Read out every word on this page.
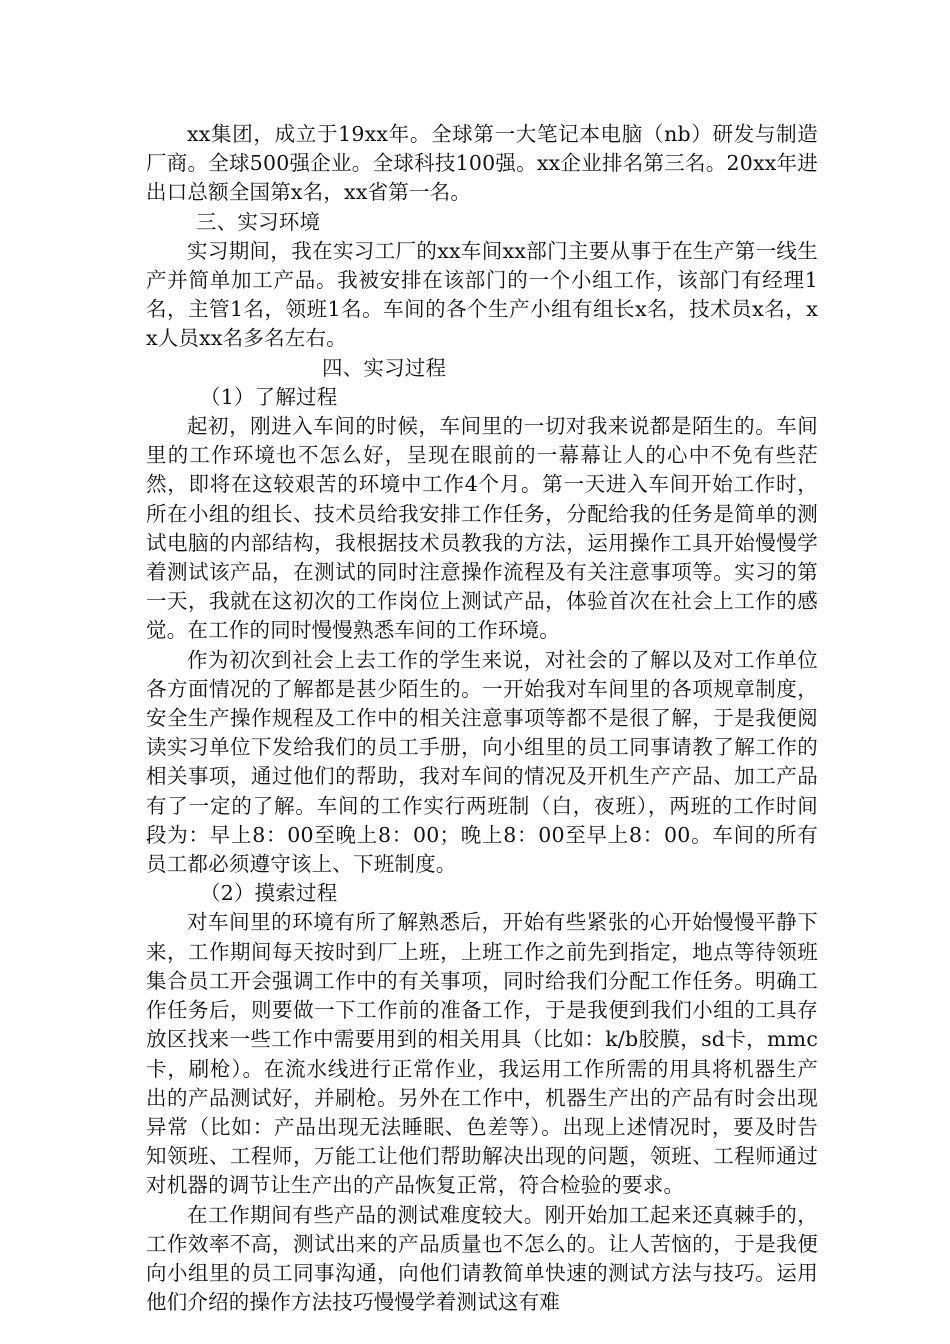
xx集团，成立于19xx年。全球第一大笔记本电脑（nb）研发与制造厂商。全球500强企业。全球科技100强。xx企业排名第三名。20xx年进出口总额全国第x名，xx省第一名。

三、实习环境

实习期间，我在实习工厂的xx车间xx部门主要从事于在生产第一线生产并简单加工产品。我被安排在该部门的一个小组工作，该部门有经理1名，主管1名，领班1名。车间的各个生产小组有组长x名，技术员x名，xx人员xx名多名左右。

四、实习过程

（1）了解过程

起初，刚进入车间的时候，车间里的一切对我来说都是陌生的。车间里的工作环境也不怎么好，呈现在眼前的一幕幕让人的心中不免有些茫然，即将在这较艰苦的环境中工作4个月。第一天进入车间开始工作时，所在小组的组长、技术员给我安排工作任务，分配给我的任务是简单的测试电脑的内部结构，我根据技术员教我的方法，运用操作工具开始慢慢学着测试该产品，在测试的同时注意操作流程及有关注意事项等。实习的第一天，我就在这初次的工作岗位上测试产品，体验首次在社会上工作的感觉。在工作的同时慢慢熟悉车间的工作环境。

作为初次到社会上去工作的学生来说，对社会的了解以及对工作单位各方面情况的了解都是甚少陌生的。一开始我对车间里的各项规章制度，安全生产操作规程及工作中的相关注意事项等都不是很了解，于是我便阅读实习单位下发给我们的员工手册，向小组里的员工同事请教了解工作的相关事项，通过他们的帮助，我对车间的情况及开机生产产品、加工产品有了一定的了解。车间的工作实行两班制（白，夜班），两班的工作时间段为：早上8：00至晚上8：00；晚上8：00至早上8：00。车间的所有员工都必须遵守该上、下班制度。

（2）摸索过程

对车间里的环境有所了解熟悉后，开始有些紧张的心开始慢慢平静下来，工作期间每天按时到厂上班，上班工作之前先到指定，地点等待领班集合员工开会强调工作中的有关事项，同时给我们分配工作任务。明确工作任务后，则要做一下工作前的准备工作，于是我便到我们小组的工具存放区找来一些工作中需要用到的相关用具（比如：k/b胶膜，sd卡，mmc卡，刷枪）。在流水线进行正常作业，我运用工作所需的用具将机器生产出的产品测试好，并刷枪。另外在工作中，机器生产出的产品有时会出现异常（比如：产品出现无法睡眠、色差等）。出现上述情况时，要及时告知领班、工程师，万能工让他们帮助解决出现的问题，领班、工程师通过对机器的调节让生产出的产品恢复正常，符合检验的要求。

在工作期间有些产品的测试难度较大。刚开始加工起来还真棘手的，工作效率不高，测试出来的产品质量也不怎么的。让人苦恼的，于是我便向小组里的员工同事沟通，向他们请教简单快速的测试方法与技巧。运用他们介绍的操作方法技巧慢慢学着测试这有难
